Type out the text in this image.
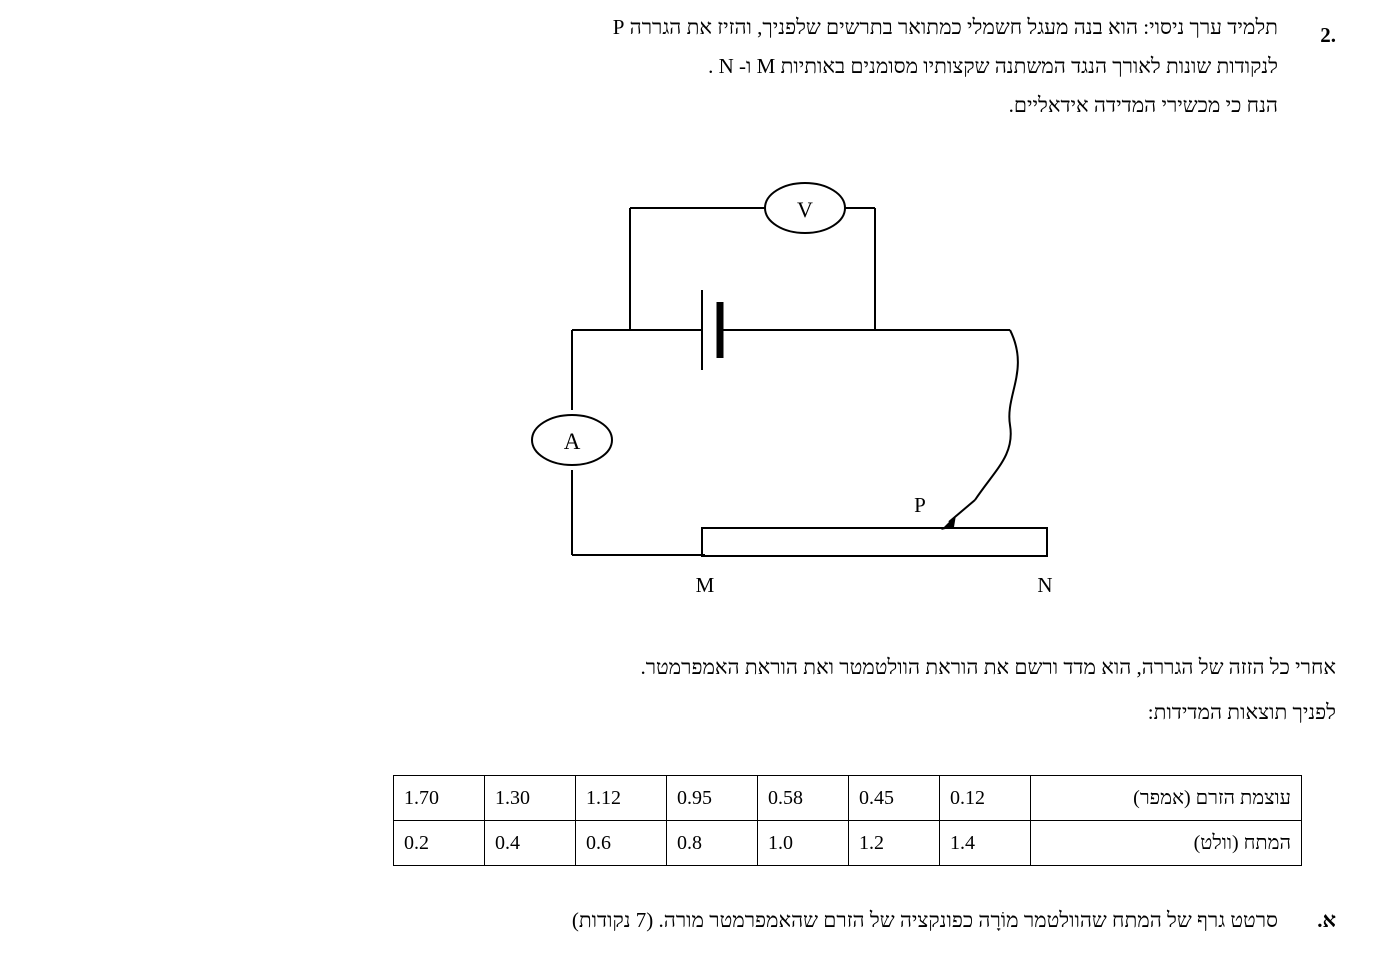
.2
תלמיד ערך ניסוי: הוא בנה מעגל חשמלי כמתואר בתרשים שלפניך, והזיז את הגררה P
לנקודות שונות לאורך הנגד המשתנה שקצותיו מסומנים באותיות M ו- N .
הנח כי מכשירי המדידה אידאליים.
V
A
P
M	N
אחרי כל הזזה של הגררה, הוא מדד ורשם את הוראת הוולטמטר ואת הוראת האמפרמטר.
לפניך תוצאות המדידות:
עוצמת הזרם (אמפר)	0.12	0.45	0.58	0.95	1.12	1.30	1.70
המתח (וולט)	1.4	1.2	1.0	0.8	0.6	0.4	0.2
א.
סרטט גרף של המתח שהוולטמר מוֹרָה כפונקציה של הזרם שהאמפרמטר מורה. (7 נקודות)
